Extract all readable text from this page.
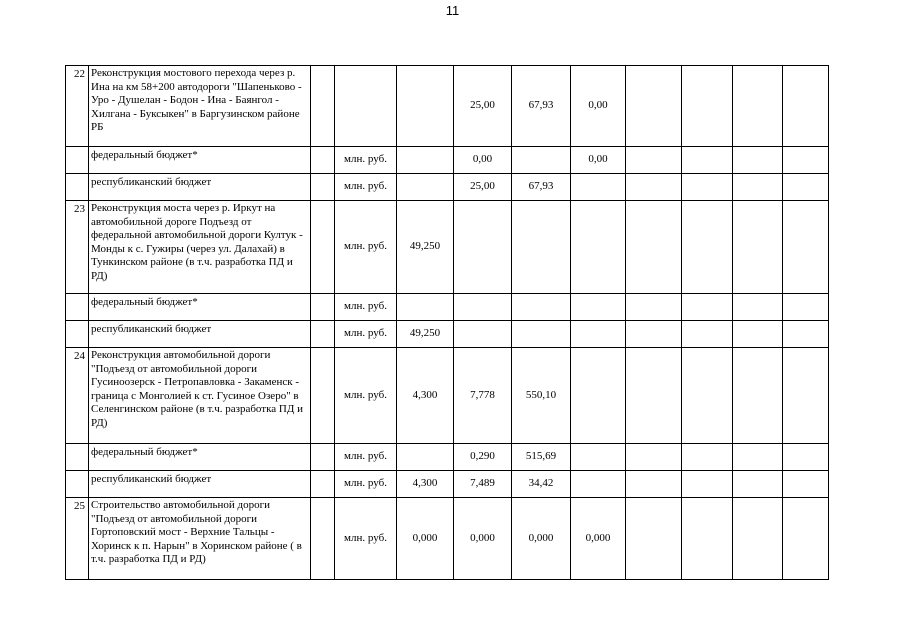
11
22	Реконструкция мостового перехода через р. Ина на км 58+200 автодороги "Шапеньково - Уро - Душелан - Бодон - Ина - Баянгол - Хилгана - Буксыкен" в Баргузинском районе РБ				25,00	67,93	0,00				
	федеральный бюджет*		млн. руб.		0,00		0,00				
	республиканский бюджет		млн. руб.		25,00	67,93					
23	Реконструкция моста через р. Иркут на автомобильной дороге Подъезд от федеральной автомобильной дороги Култук - Монды к с. Гужиры (через ул. Далахай) в Тункинском районе (в т.ч. разработка ПД и РД)		млн. руб.	49,250							
	федеральный бюджет*		млн. руб.								
	республиканский бюджет		млн. руб.	49,250							
24	Реконструкция автомобильной дороги "Подъезд от автомобильной дороги Гусиноозерск - Петропавловка - Закаменск - граница с Монголией к ст. Гусиное Озеро" в Селенгинском районе (в т.ч. разработка ПД и РД)		млн. руб.	4,300	7,778	550,10					
	федеральный бюджет*		млн. руб.		0,290	515,69					
	республиканский бюджет		млн. руб.	4,300	7,489	34,42					
25	Строительство автомобильной дороги "Подъезд от автомобильной дороги Гортоповский мост - Верхние Тальцы - Хоринск к п. Нарын" в Хоринском районе ( в т.ч. разработка ПД и РД)		млн. руб.	0,000	0,000	0,000	0,000				
